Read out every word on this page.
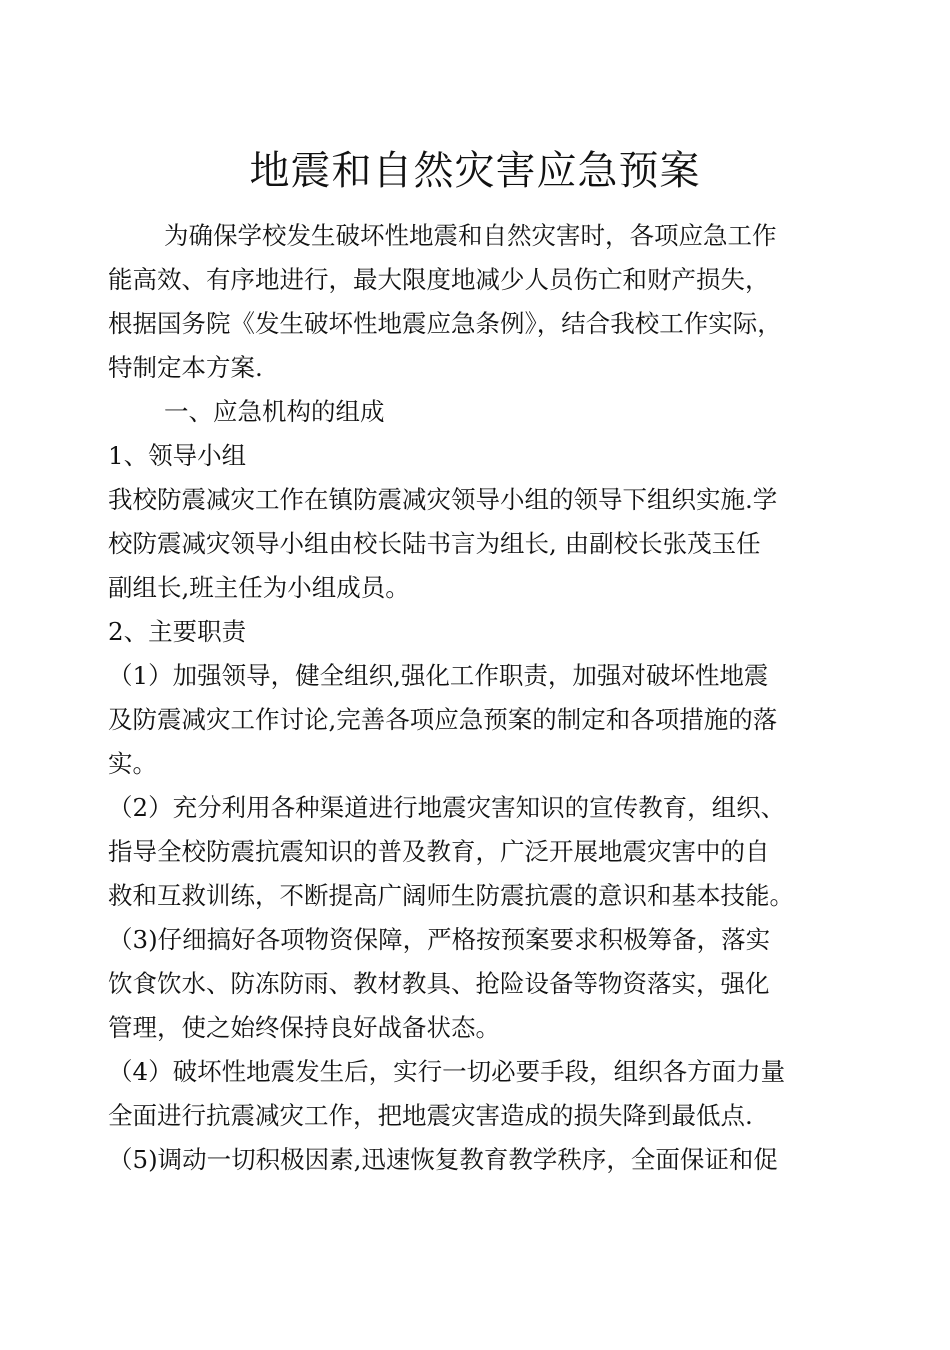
地震和自然灾害应急预案
为确保学校发生破坏性地震和自然灾害时，各项应急工作
能高效、有序地进行，最大限度地减少人员伤亡和财产损失，
根据国务院《发生破坏性地震应急条例》，结合我校工作实际，
特制定本方案.
一、应急机构的组成
1、领导小组
我校防震减灾工作在镇防震减灾领导小组的领导下组织实施.学
校防震减灾领导小组由校长陆书言为组长, 由副校长张茂玉任
副组长,班主任为小组成员。
2、主要职责
（1）加强领导，健全组织,强化工作职责，加强对破坏性地震
及防震减灾工作讨论,完善各项应急预案的制定和各项措施的落
实。
（2）充分利用各种渠道进行地震灾害知识的宣传教育，组织、
指导全校防震抗震知识的普及教育，广泛开展地震灾害中的自
救和互救训练，不断提高广阔师生防震抗震的意识和基本技能。
（3)仔细搞好各项物资保障，严格按预案要求积极筹备，落实
饮食饮水、防冻防雨、教材教具、抢险设备等物资落实，强化
管理，使之始终保持良好战备状态。
（4）破坏性地震发生后，实行一切必要手段，组织各方面力量
全面进行抗震减灾工作，把地震灾害造成的损失降到最低点.
（5)调动一切积极因素,迅速恢复教育教学秩序，全面保证和促
